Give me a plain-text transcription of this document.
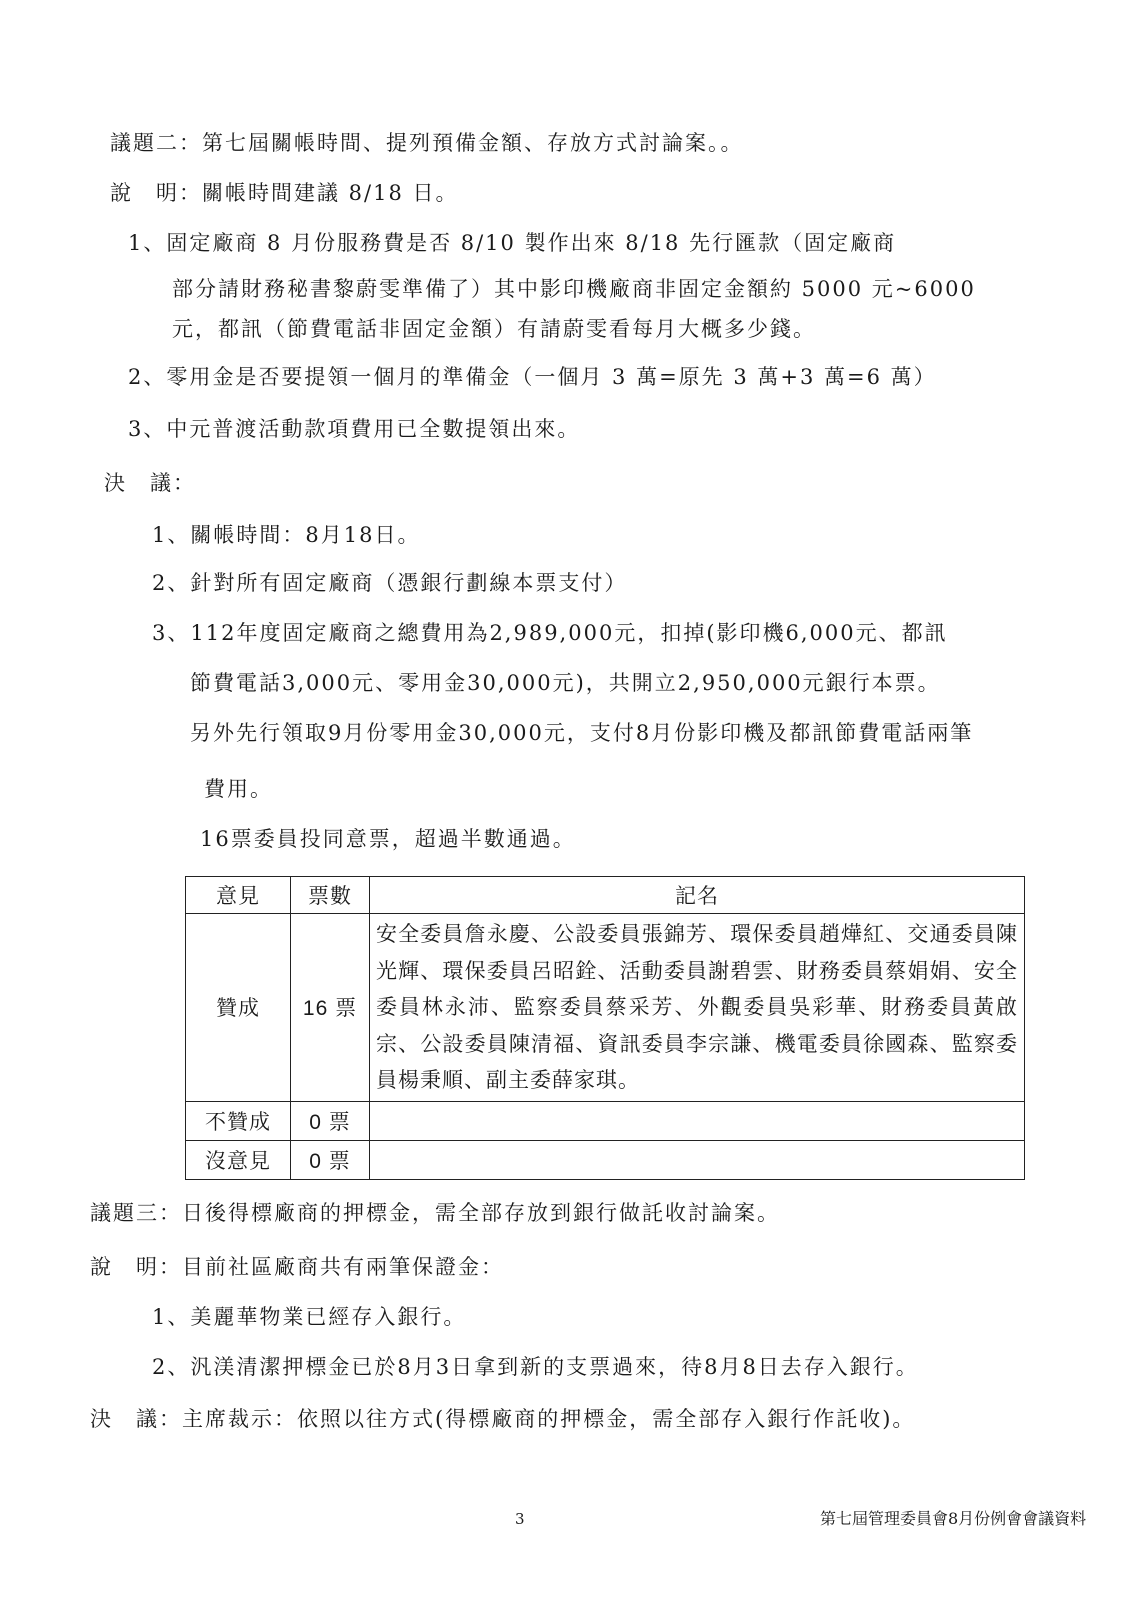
議題二：第七屆關帳時間、提列預備金額、存放方式討論案。。
說　明：關帳時間建議 8/18 日。
1、固定廠商 8 月份服務費是否 8/10 製作出來 8/18 先行匯款（固定廠商
部分請財務秘書黎蔚雯準備了）其中影印機廠商非固定金額約 5000 元~6000
元，都訊（節費電話非固定金額）有請蔚雯看每月大概多少錢。
2、零用金是否要提領一個月的準備金（一個月 3 萬=原先 3 萬+3 萬=6 萬）
3、中元普渡活動款項費用已全數提領出來。
決　議：
1、關帳時間：8月18日。
2、針對所有固定廠商（憑銀行劃線本票支付）
3、112年度固定廠商之總費用為2,989,000元，扣掉(影印機6,000元、都訊
節費電話3,000元、零用金30,000元)，共開立2,950,000元銀行本票。
另外先行領取9月份零用金30,000元，支付8月份影印機及都訊節費電話兩筆
費用。
16票委員投同意票，超過半數通過。
意見	票數	記名
贊成	16 票	安全委員詹永慶、公設委員張錦芳、環保委員趙燁紅、交通委員陳光輝、環保委員呂昭銓、活動委員謝碧雲、財務委員蔡娟娟、安全委員林永沛、監察委員蔡采芳、外觀委員吳彩華、財務委員黃啟宗、公設委員陳清福、資訊委員李宗謙、機電委員徐國森、監察委員楊秉順、副主委薛家琪。
不贊成	0 票	
沒意見	0 票	
議題三：日後得標廠商的押標金，需全部存放到銀行做託收討論案。
說　明：目前社區廠商共有兩筆保證金：
1、美麗華物業已經存入銀行。
2、汎渼清潔押標金已於8月3日拿到新的支票過來，待8月8日去存入銀行。
決　議：主席裁示：依照以往方式(得標廠商的押標金，需全部存入銀行作託收)。
3	第七屆管理委員會8月份例會會議資料
